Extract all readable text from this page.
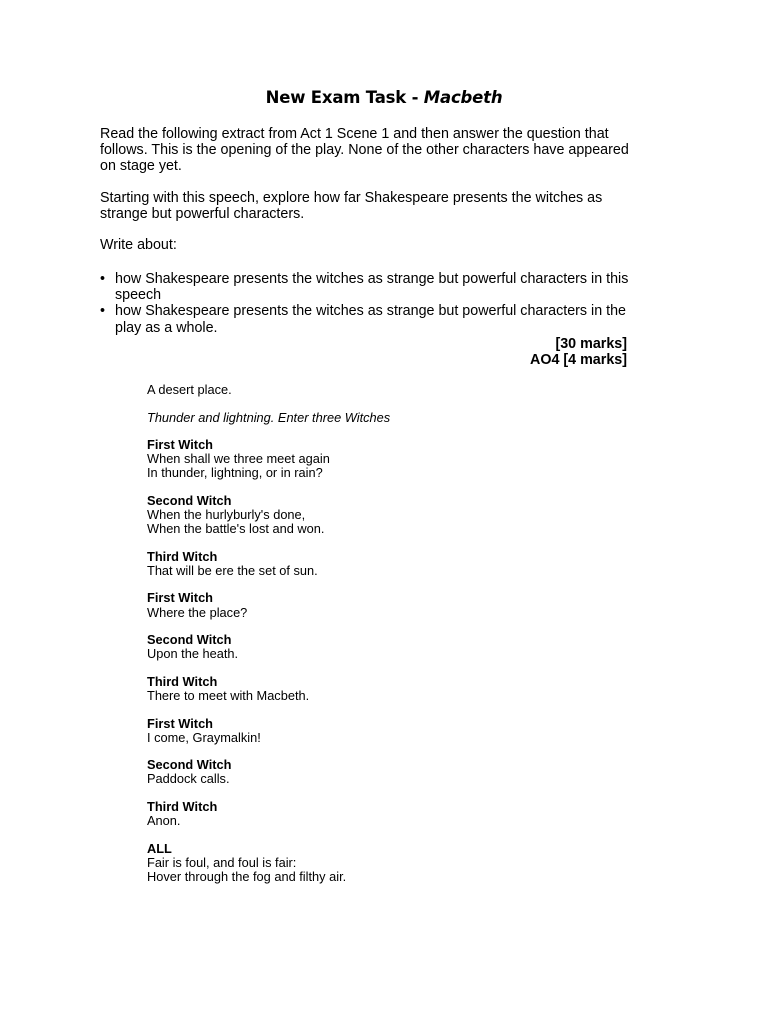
New Exam Task - Macbeth
Read the following extract from Act 1 Scene 1 and then answer the question that follows. This is the opening of the play. None of the other characters have appeared on stage yet.
Starting with this speech, explore how far Shakespeare presents the witches as strange but powerful characters.
Write about:
• how Shakespeare presents the witches as strange but powerful characters in this speech
• how Shakespeare presents the witches as strange but powerful characters in the play as a whole.
[30 marks]
AO4 [4 marks]
A desert place.
Thunder and lightning. Enter three Witches
First Witch
When shall we three meet again
In thunder, lightning, or in rain?
Second Witch
When the hurlyburly's done,
When the battle's lost and won.
Third Witch
That will be ere the set of sun.
First Witch
Where the place?
Second Witch
Upon the heath.
Third Witch
There to meet with Macbeth.
First Witch
I come, Graymalkin!
Second Witch
Paddock calls.
Third Witch
Anon.
ALL
Fair is foul, and foul is fair:
Hover through the fog and filthy air.
